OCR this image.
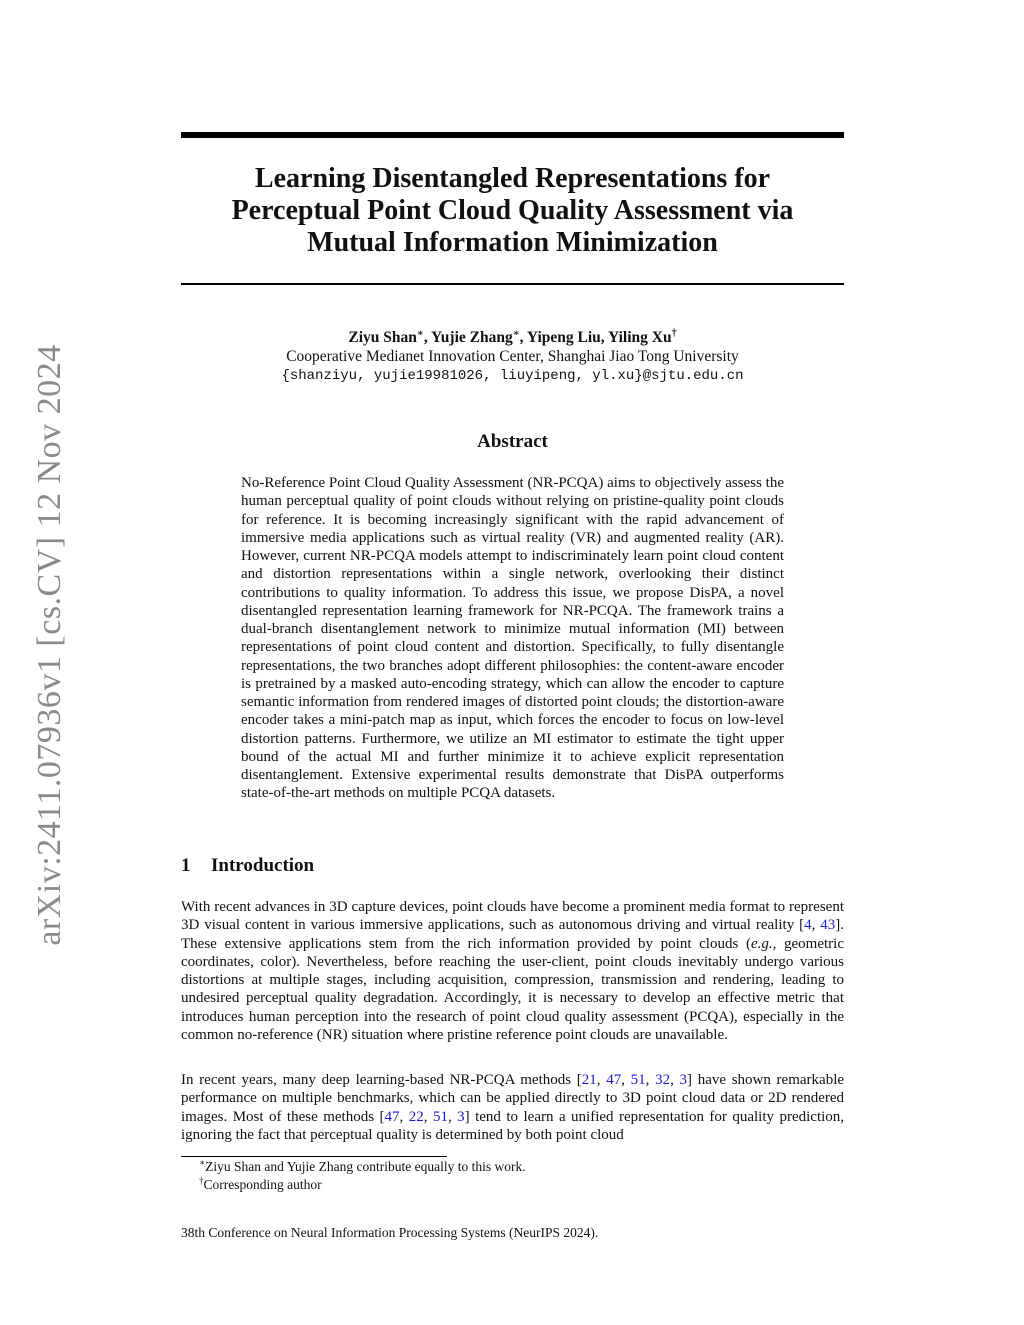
arXiv:2411.07936v1 [cs.CV] 12 Nov 2024
Learning Disentangled Representations for
Perceptual Point Cloud Quality Assessment via
Mutual Information Minimization

Ziyu Shan∗, Yujie Zhang∗, Yipeng Liu, Yiling Xu†

Cooperative Medianet Innovation Center, Shanghai Jiao Tong University
{shanziyu, yujie19981026, liuyipeng, yl.xu}@sjtu.edu.cn
Abstract

No-Reference Point Cloud Quality Assessment (NR-PCQA) aims to objectively assess the human perceptual quality of point clouds without relying on pristine-quality point clouds for reference. It is becoming increasingly significant with the rapid advancement of immersive media applications such as virtual reality (VR) and augmented reality (AR). However, current NR-PCQA models attempt to indiscriminately learn point cloud content and distortion representations within a single network, overlooking their distinct contributions to quality information. To address this issue, we propose DisPA, a novel disentangled representation learning framework for NR-PCQA. The framework trains a dual-branch disentanglement network to minimize mutual information (MI) between representations of point cloud content and distortion. Specifically, to fully disentangle representations, the two branches adopt different philosophies: the content-aware encoder is pretrained by a masked auto-encoding strategy, which can allow the encoder to capture semantic information from rendered images of distorted point clouds; the distortion-aware encoder takes a mini-patch map as input, which forces the encoder to focus on low-level distortion patterns. Furthermore, we utilize an MI estimator to estimate the tight upper bound of the actual MI and further minimize it to achieve explicit representation disentanglement. Extensive experimental results demonstrate that DisPA outperforms state-of-the-art methods on multiple PCQA datasets.

1 Introduction

With recent advances in 3D capture devices, point clouds have become a prominent media format to represent 3D visual content in various immersive applications, such as autonomous driving and virtual reality [4, 43]. These extensive applications stem from the rich information provided by point clouds (e.g., geometric coordinates, color). Nevertheless, before reaching the user-client, point clouds inevitably undergo various distortions at multiple stages, including acquisition, compression, transmission and rendering, leading to undesired perceptual quality degradation. Accordingly, it is necessary to develop an effective metric that introduces human perception into the research of point cloud quality assessment (PCQA), especially in the common no-reference (NR) situation where pristine reference point clouds are unavailable.

In recent years, many deep learning-based NR-PCQA methods [21, 47, 51, 32, 3] have shown remarkable performance on multiple benchmarks, which can be applied directly to 3D point cloud data or 2D rendered images. Most of these methods [47, 22, 51, 3] tend to learn a unified representation for quality prediction, ignoring the fact that perceptual quality is determined by both point cloud

∗Ziyu Shan and Yujie Zhang contribute equally to this work.
†Corresponding author
38th Conference on Neural Information Processing Systems (NeurIPS 2024).
